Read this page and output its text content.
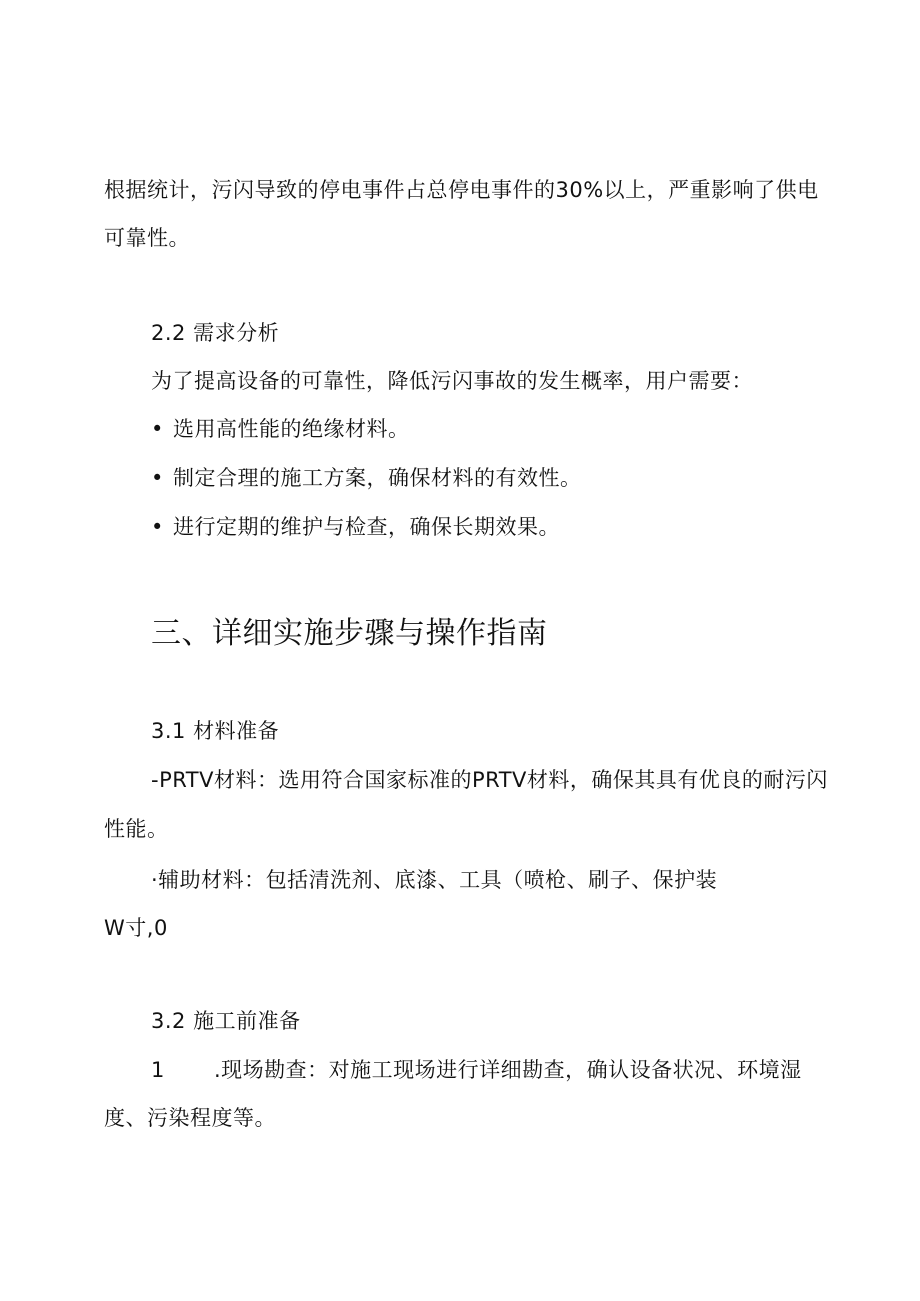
根据统计，污闪导致的停电事件占总停电事件的30%以上，严重影响了供电
可靠性。
2.2 需求分析
为了提高设备的可靠性，降低污闪事故的发生概率，用户需要：
• 选用高性能的绝缘材料。
• 制定合理的施工方案，确保材料的有效性。
• 进行定期的维护与检查，确保长期效果。
三、详细实施步骤与操作指南
3.1 材料准备
-PRTV材料：选用符合国家标准的PRTV材料，确保其具有优良的耐污闪
性能。
·辅助材料：包括清洗剂、底漆、工具（喷枪、刷子、保护装
W寸,0
3.2 施工前准备
1 .现场勘查：对施工现场进行详细勘查，确认设备状况、环境湿
度、污染程度等。
